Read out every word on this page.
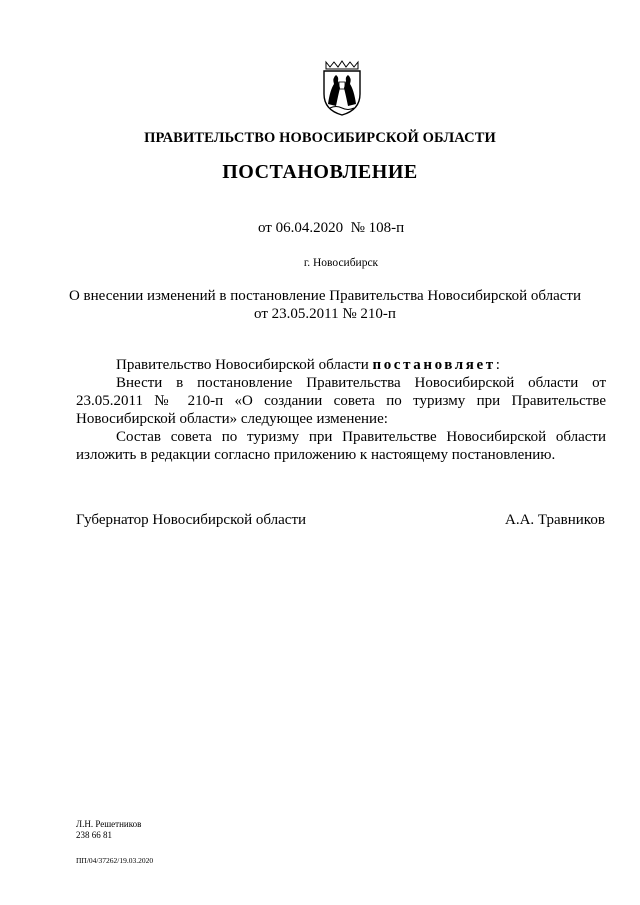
ПРАВИТЕЛЬСТВО НОВОСИБИРСКОЙ ОБЛАСТИ
ПОСТАНОВЛЕНИЕ
от 06.04.2020  № 108-п
г. Новосибирск
О внесении изменений в постановление Правительства Новосибирской области
от 23.05.2011 № 210-п
Правительство Новосибирской области постановляет:
Внести в постановление Правительства Новосибирской области от 23.05.2011 № 210-п «О создании совета по туризму при Правительстве Новосибирской области» следующее изменение:
Состав совета по туризму при Правительстве Новосибирской области изложить в редакции согласно приложению к настоящему постановлению.
Губернатор Новосибирской области	А.А. Травников
Л.Н. Решетников
238 66 81
ПП/04/37262/19.03.2020
